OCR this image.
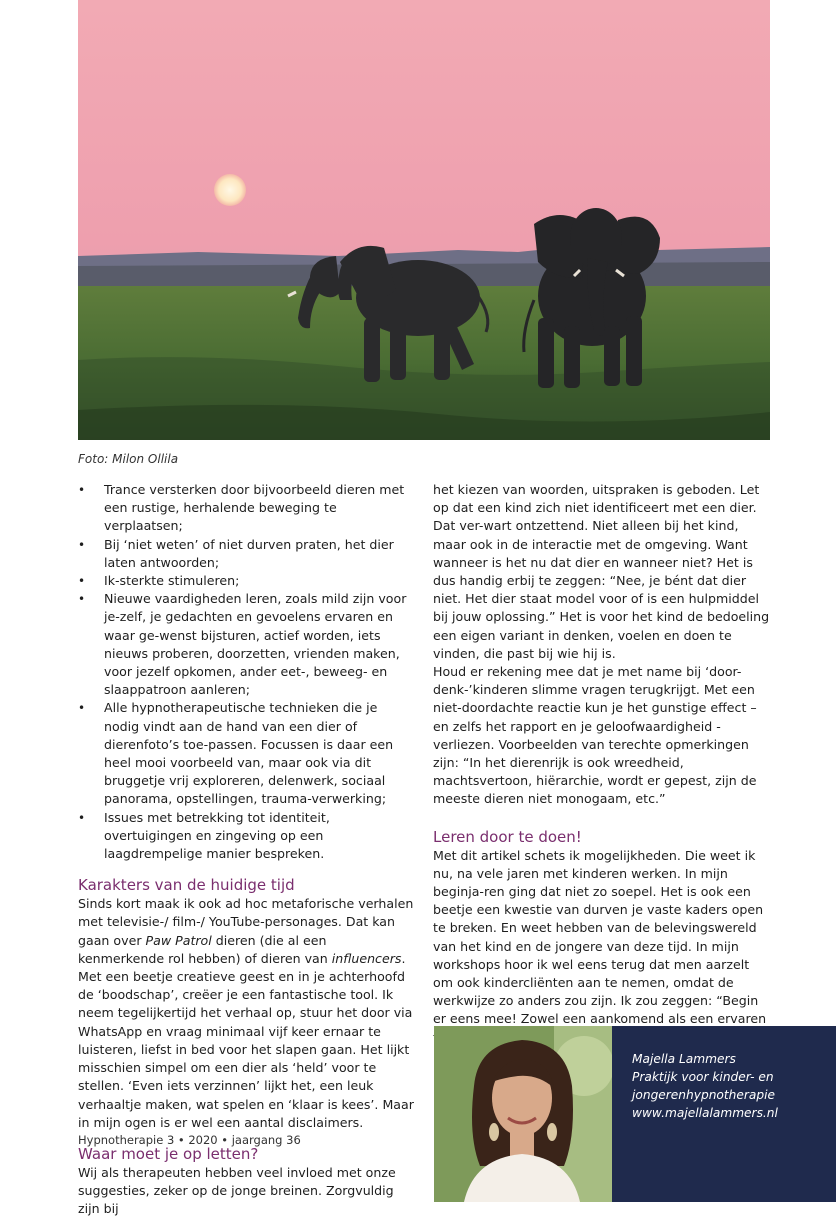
Foto: Milon Ollila
• Trance versterken door bijvoorbeeld dieren met een rustige, herhalende beweging te verplaatsen;
• Bij ‘niet weten’ of niet durven praten, het dier laten antwoorden;
• Ik-sterkte stimuleren;
• Nieuwe vaardigheden leren, zoals mild zijn voor je-zelf, je gedachten en gevoelens ervaren en waar ge-wenst bijsturen, actief worden, iets nieuws proberen, doorzetten, vrienden maken, voor jezelf opkomen, ander eet-, beweeg- en slaappatroon aanleren;
• Alle hypnotherapeutische technieken die je nodig vindt aan de hand van een dier of dierenfoto’s toe-passen. Focussen is daar een heel mooi voorbeeld van, maar ook via dit bruggetje vrij exploreren, delenwerk, sociaal panorama, opstellingen, trauma-verwerking;
• Issues met betrekking tot identiteit, overtuigingen en zingeving op een laagdrempelige manier bespreken.
Karakters van de huidige tijd

Sinds kort maak ik ook ad hoc metaforische verhalen met televisie-/ film-/ YouTube-personages. Dat kan gaan over Paw Patrol dieren (die al een kenmerkende rol hebben) of dieren van influencers. Met een beetje creatieve geest en in je achterhoofd de ‘boodschap’, creëer je een fantastische tool. Ik neem tegelijkertijd het verhaal op, stuur het door via WhatsApp en vraag minimaal vijf keer ernaar te luisteren, liefst in bed voor het slapen gaan. Het lijkt misschien simpel om een dier als ‘held’ voor te stellen. ‘Even iets verzinnen’ lijkt het, een leuk verhaaltje maken, wat spelen en ‘klaar is kees’. Maar in mijn ogen is er wel een aantal disclaimers.

Waar moet je op letten?

Wij als therapeuten hebben veel invloed met onze suggesties, zeker op de jonge breinen. Zorgvuldig zijn bij

het kiezen van woorden, uitspraken is geboden. Let op dat een kind zich niet identificeert met een dier. Dat ver-wart ontzettend. Niet alleen bij het kind, maar ook in de interactie met de omgeving. Want wanneer is het nu dat dier en wanneer niet? Het is dus handig erbij te zeggen: “Nee, je bént dat dier niet. Het dier staat model voor of is een hulpmiddel bij jouw oplossing.” Het is voor het kind de bedoeling een eigen variant in denken, voelen en doen te vinden, die past bij wie hij is.

Houd er rekening mee dat je met name bij ‘door-denk-’kinderen slimme vragen terugkrijgt. Met een niet-doordachte reactie kun je het gunstige effect – en zelfs het rapport en je geloofwaardigheid - verliezen. Voorbeelden van terechte opmerkingen zijn: “In het dierenrijk is ook wreedheid, machtsvertoon, hiërarchie, wordt er gepest, zijn de meeste dieren niet monogaam, etc.”

Leren door te doen!

Met dit artikel schets ik mogelijkheden. Die weet ik nu, na vele jaren met kinderen werken. In mijn beginja-ren ging dat niet zo soepel. Het is ook een beetje een kwestie van durven je vaste kaders open te breken. En weet hebben van de belevingswereld van het kind en de jongere van deze tijd. In mijn workshops hoor ik wel eens terug dat men aarzelt om ook kindercliënten aan te nemen, omdat de werkwijze zo anders zou zijn. Ik zou zeggen: “Begin er eens mee! Zowel een aankomend als een ervaren

Majella Lammers
Praktijk voor kinder- en jongerenhypnotherapie
www.majellalammers.nl
Hypnotherapie 3 • 2020 • jaargang 36
